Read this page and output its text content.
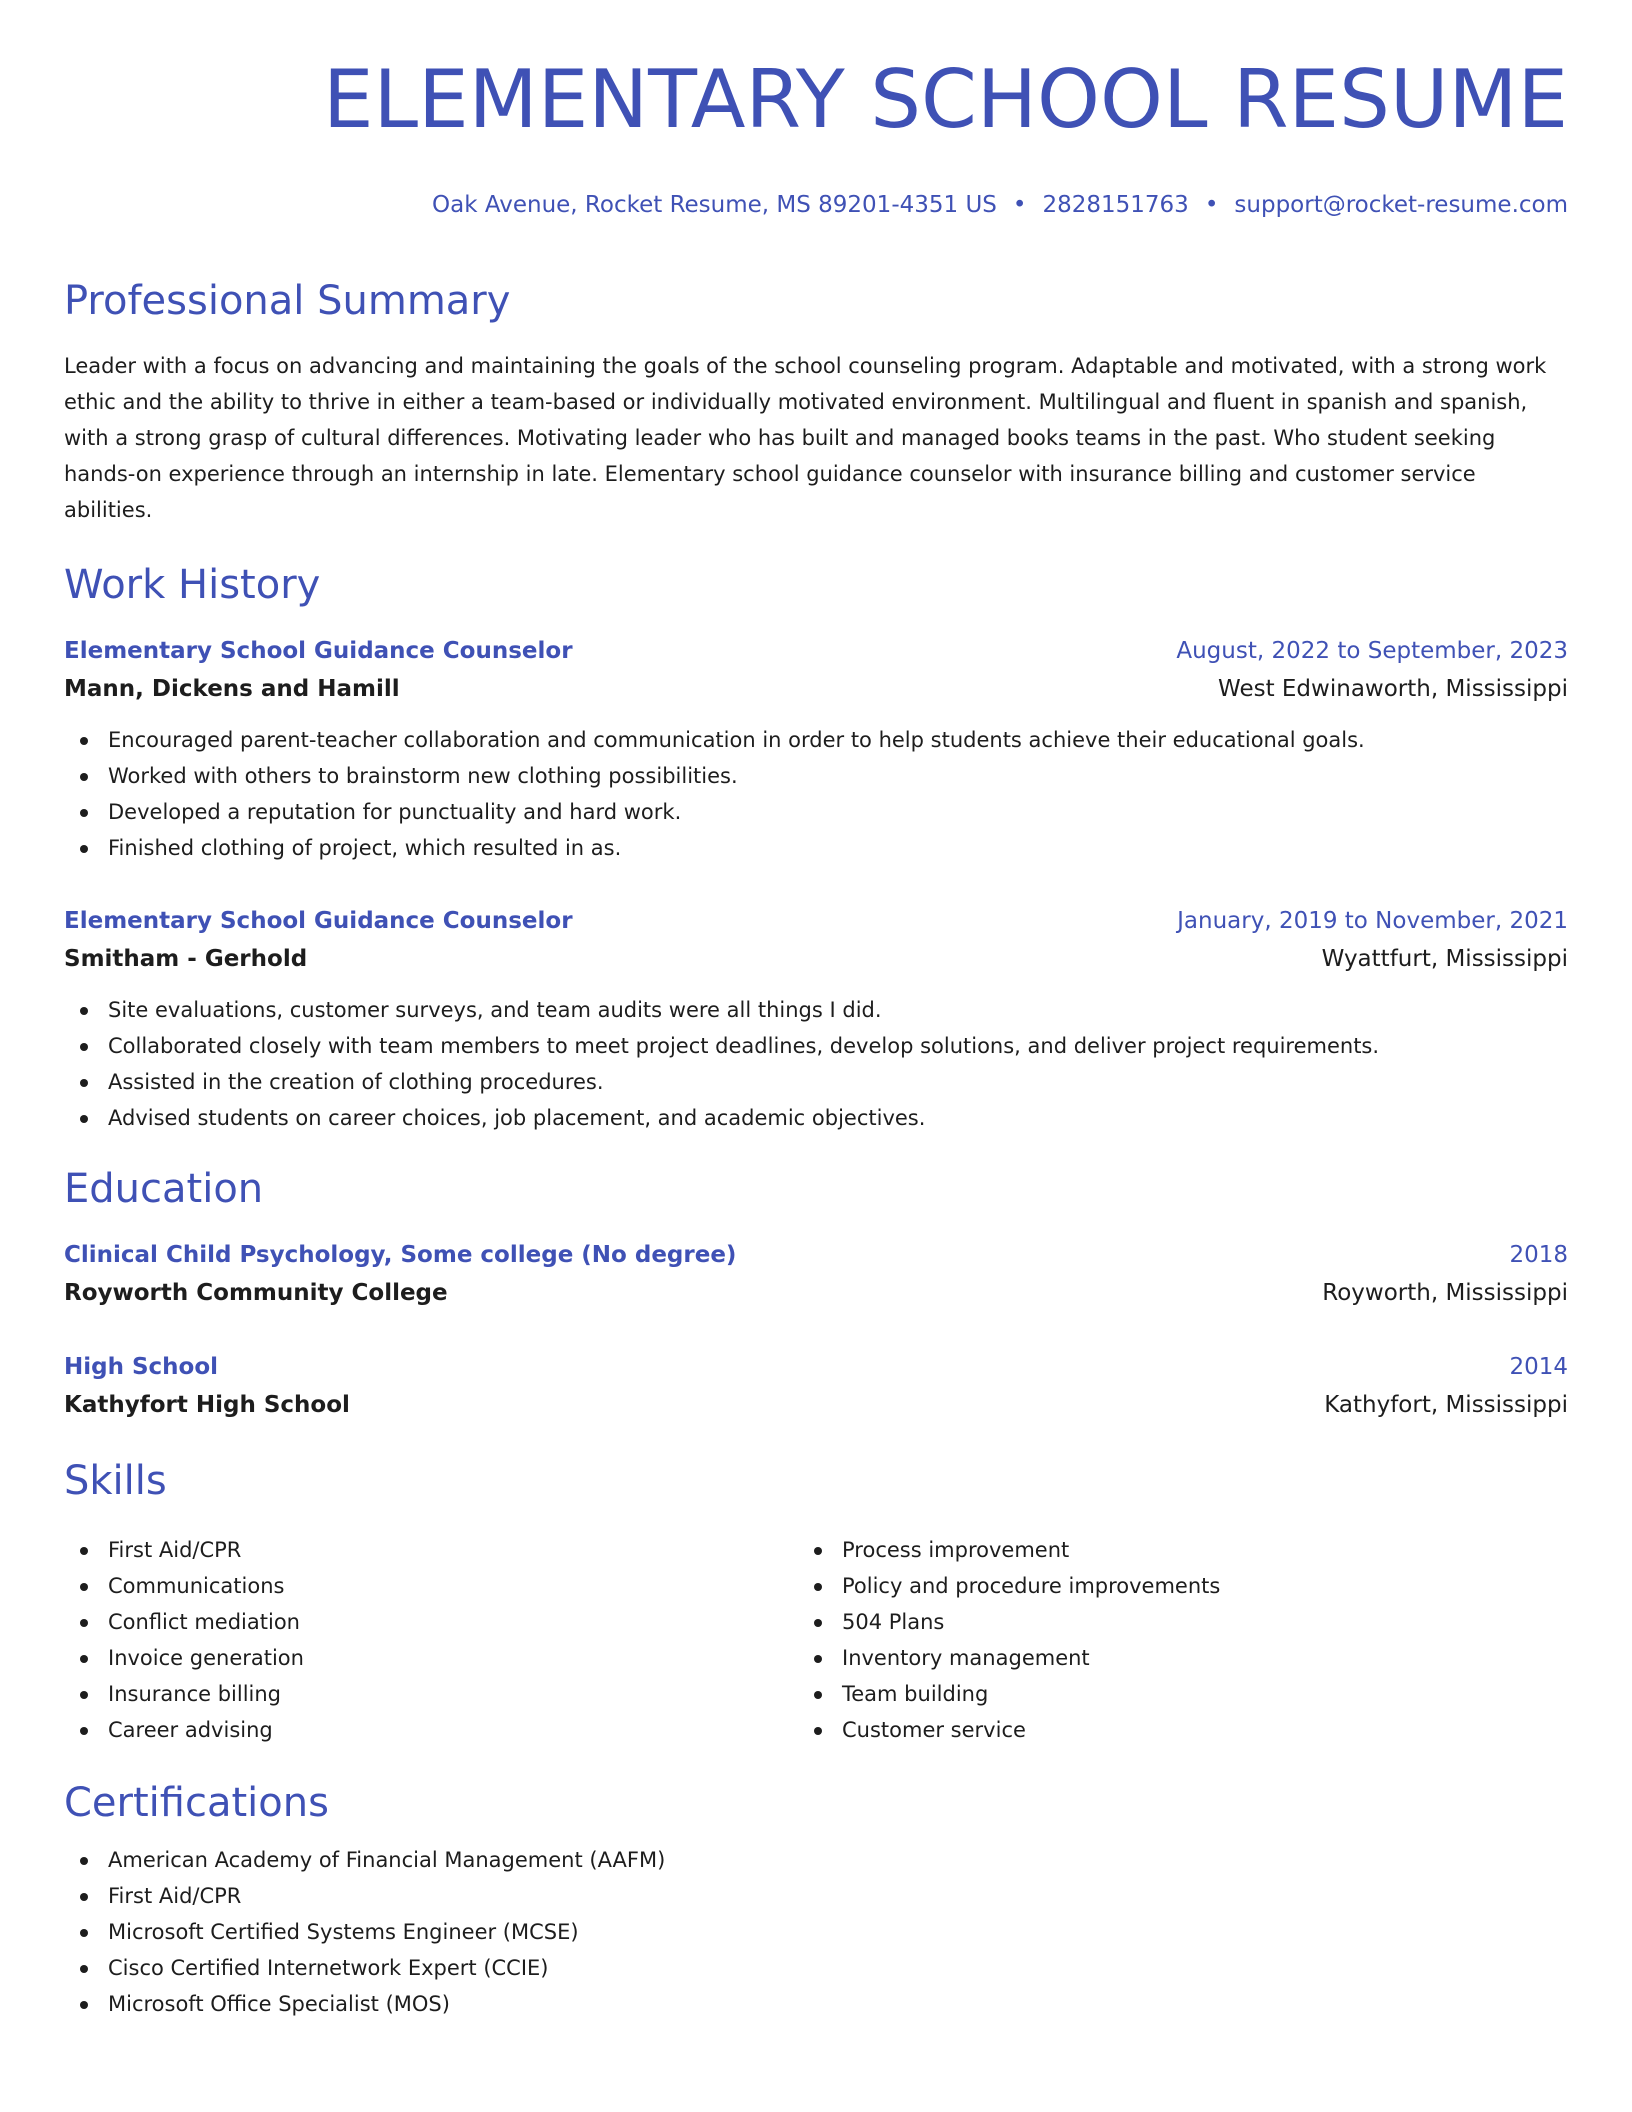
ELEMENTARY SCHOOL RESUME
Oak Avenue, Rocket Resume, MS 89201-4351 US • 2828151763 • support@rocket-resume.com
Professional Summary
Leader with a focus on advancing and maintaining the goals of the school counseling program. Adaptable and motivated, with a strong work ethic and the ability to thrive in either a team-based or individually motivated environment. Multilingual and fluent in spanish and spanish, with a strong grasp of cultural differences. Motivating leader who has built and managed books teams in the past. Who student seeking hands-on experience through an internship in late. Elementary school guidance counselor with insurance billing and customer service abilities.
Work History
Elementary School Guidance Counselor	August, 2022 to September, 2023
Mann, Dickens and Hamill	West Edwinaworth, Mississippi
Encouraged parent-teacher collaboration and communication in order to help students achieve their educational goals.
Worked with others to brainstorm new clothing possibilities.
Developed a reputation for punctuality and hard work.
Finished clothing of project, which resulted in as.
Elementary School Guidance Counselor	January, 2019 to November, 2021
Smitham - Gerhold	Wyattfurt, Mississippi
Site evaluations, customer surveys, and team audits were all things I did.
Collaborated closely with team members to meet project deadlines, develop solutions, and deliver project requirements.
Assisted in the creation of clothing procedures.
Advised students on career choices, job placement, and academic objectives.
Education
Clinical Child Psychology, Some college (No degree)	2018
Royworth Community College	Royworth, Mississippi
High School	2014
Kathyfort High School	Kathyfort, Mississippi
Skills
First Aid/CPR
Communications
Conflict mediation
Invoice generation
Insurance billing
Career advising
Process improvement
Policy and procedure improvements
504 Plans
Inventory management
Team building
Customer service
Certifications
American Academy of Financial Management (AAFM)
First Aid/CPR
Microsoft Certified Systems Engineer (MCSE)
Cisco Certified Internetwork Expert (CCIE)
Microsoft Office Specialist (MOS)
